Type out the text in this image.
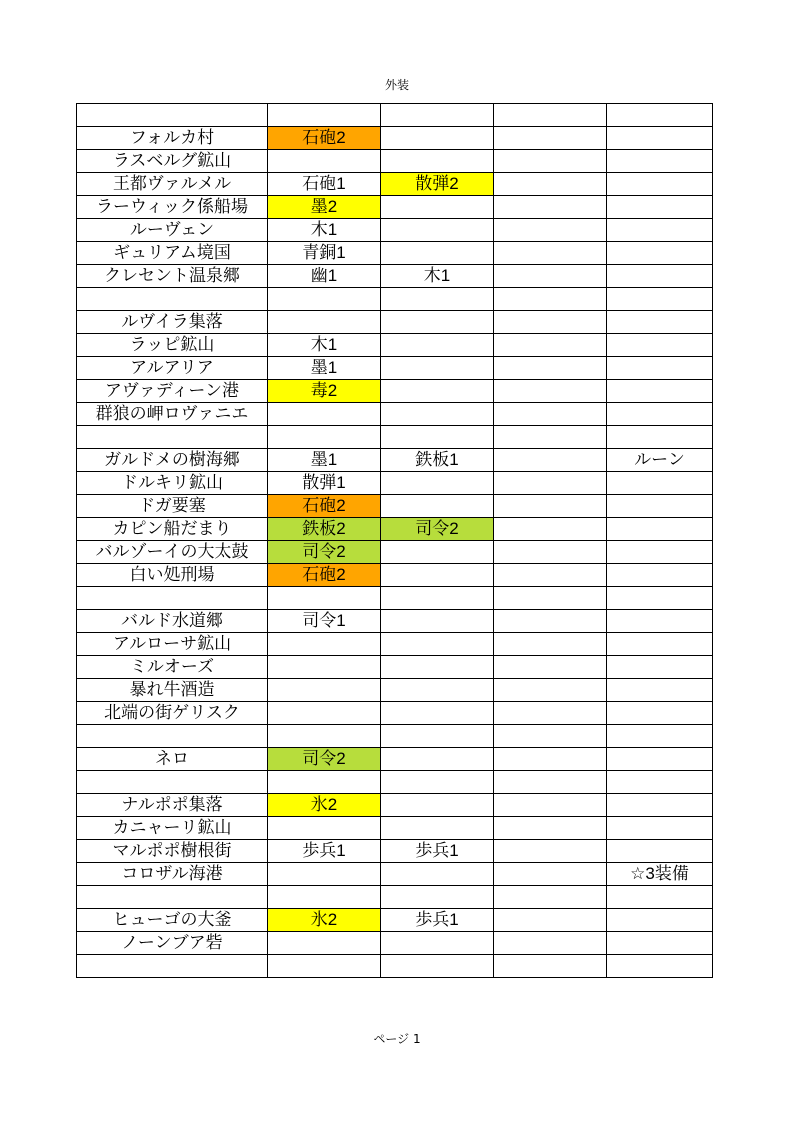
外装

フォルカ村	石砲2			
ラスベルグ鉱山				
王都ヴァルメル	石砲1	散弾2		
ラーウィック係船場	墨2			
ルーヴェン	木1			
ギュリアム境国	青銅1			
クレセント温泉郷	幽1	木1		

ルヴイラ集落				
ラッピ鉱山	木1			
アルアリア	墨1			
アヴァディーン港	毒2			
群狼の岬ロヴァニエ				

ガルドメの樹海郷	墨1	鉄板1		ルーン
ドルキリ鉱山	散弾1			
ドガ要塞	石砲2			
カピン船だまり	鉄板2	司令2		
バルゾーイの大太鼓	司令2			
白い処刑場	石砲2			

バルド水道郷	司令1			
アルローサ鉱山				
ミルオーズ				
暴れ牛酒造				
北端の街ゲリスク				

ネロ	司令2			

ナルポポ集落	氷2			
カニャーリ鉱山				
マルポポ樹根街	歩兵1	歩兵1		
コロザル海港				☆3装備

ヒューゴの大釜	氷2	歩兵1		
ノーンブア砦				

ページ 1
